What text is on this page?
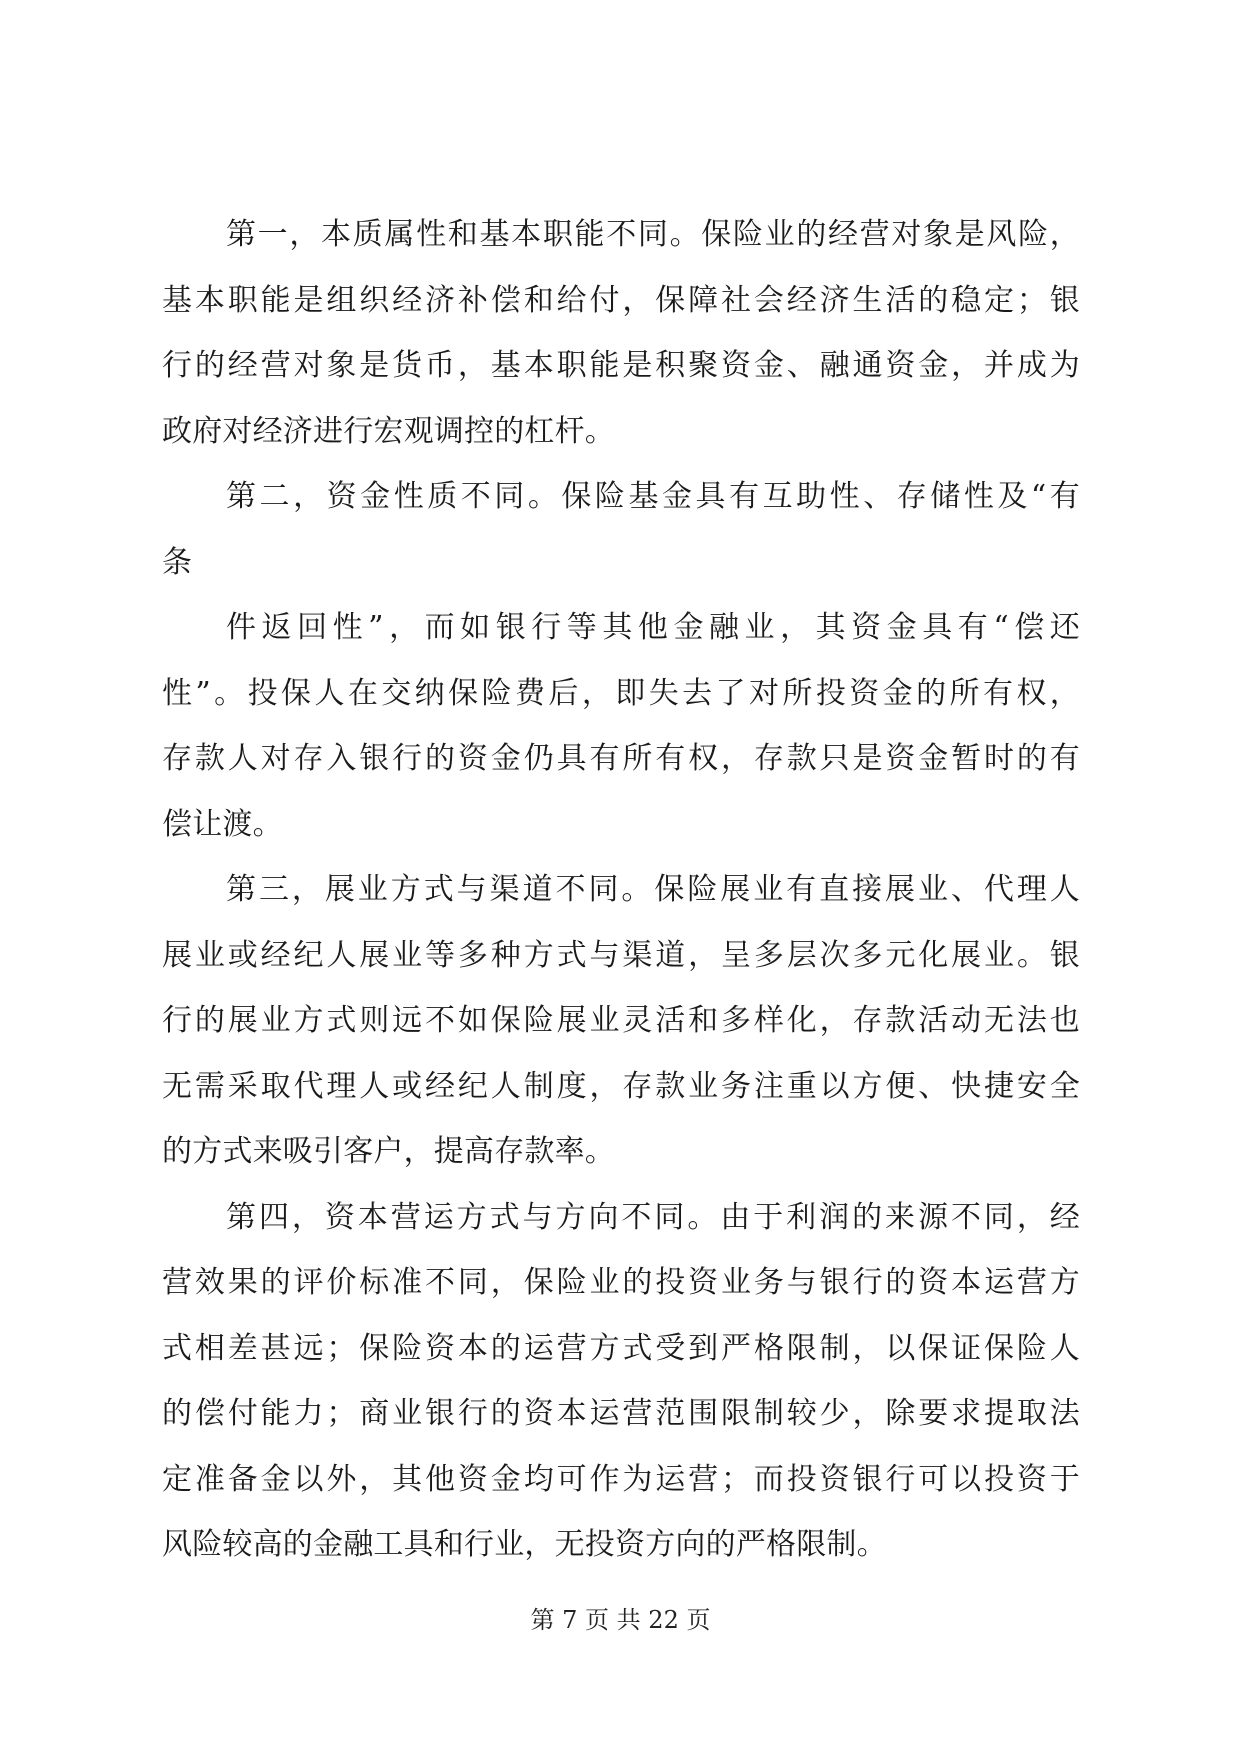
第一，本质属性和基本职能不同。保险业的经营对象是风险，
基本职能是组织经济补偿和给付，保障社会经济生活的稳定；银
行的经营对象是货币，基本职能是积聚资金、融通资金，并成为
政府对经济进行宏观调控的杠杆。
第二，资金性质不同。保险基金具有互助性、存储性及“有
条
件返回性”，而如银行等其他金融业，其资金具有“偿还
性”。投保人在交纳保险费后，即失去了对所投资金的所有权，
存款人对存入银行的资金仍具有所有权，存款只是资金暂时的有
偿让渡。
第三，展业方式与渠道不同。保险展业有直接展业、代理人
展业或经纪人展业等多种方式与渠道，呈多层次多元化展业。银
行的展业方式则远不如保险展业灵活和多样化，存款活动无法也
无需采取代理人或经纪人制度，存款业务注重以方便、快捷安全
的方式来吸引客户，提高存款率。
第四，资本营运方式与方向不同。由于利润的来源不同，经
营效果的评价标准不同，保险业的投资业务与银行的资本运营方
式相差甚远；保险资本的运营方式受到严格限制，以保证保险人
的偿付能力；商业银行的资本运营范围限制较少，除要求提取法
定准备金以外，其他资金均可作为运营；而投资银行可以投资于
风险较高的金融工具和行业，无投资方向的严格限制。
第 7 页 共 22 页
